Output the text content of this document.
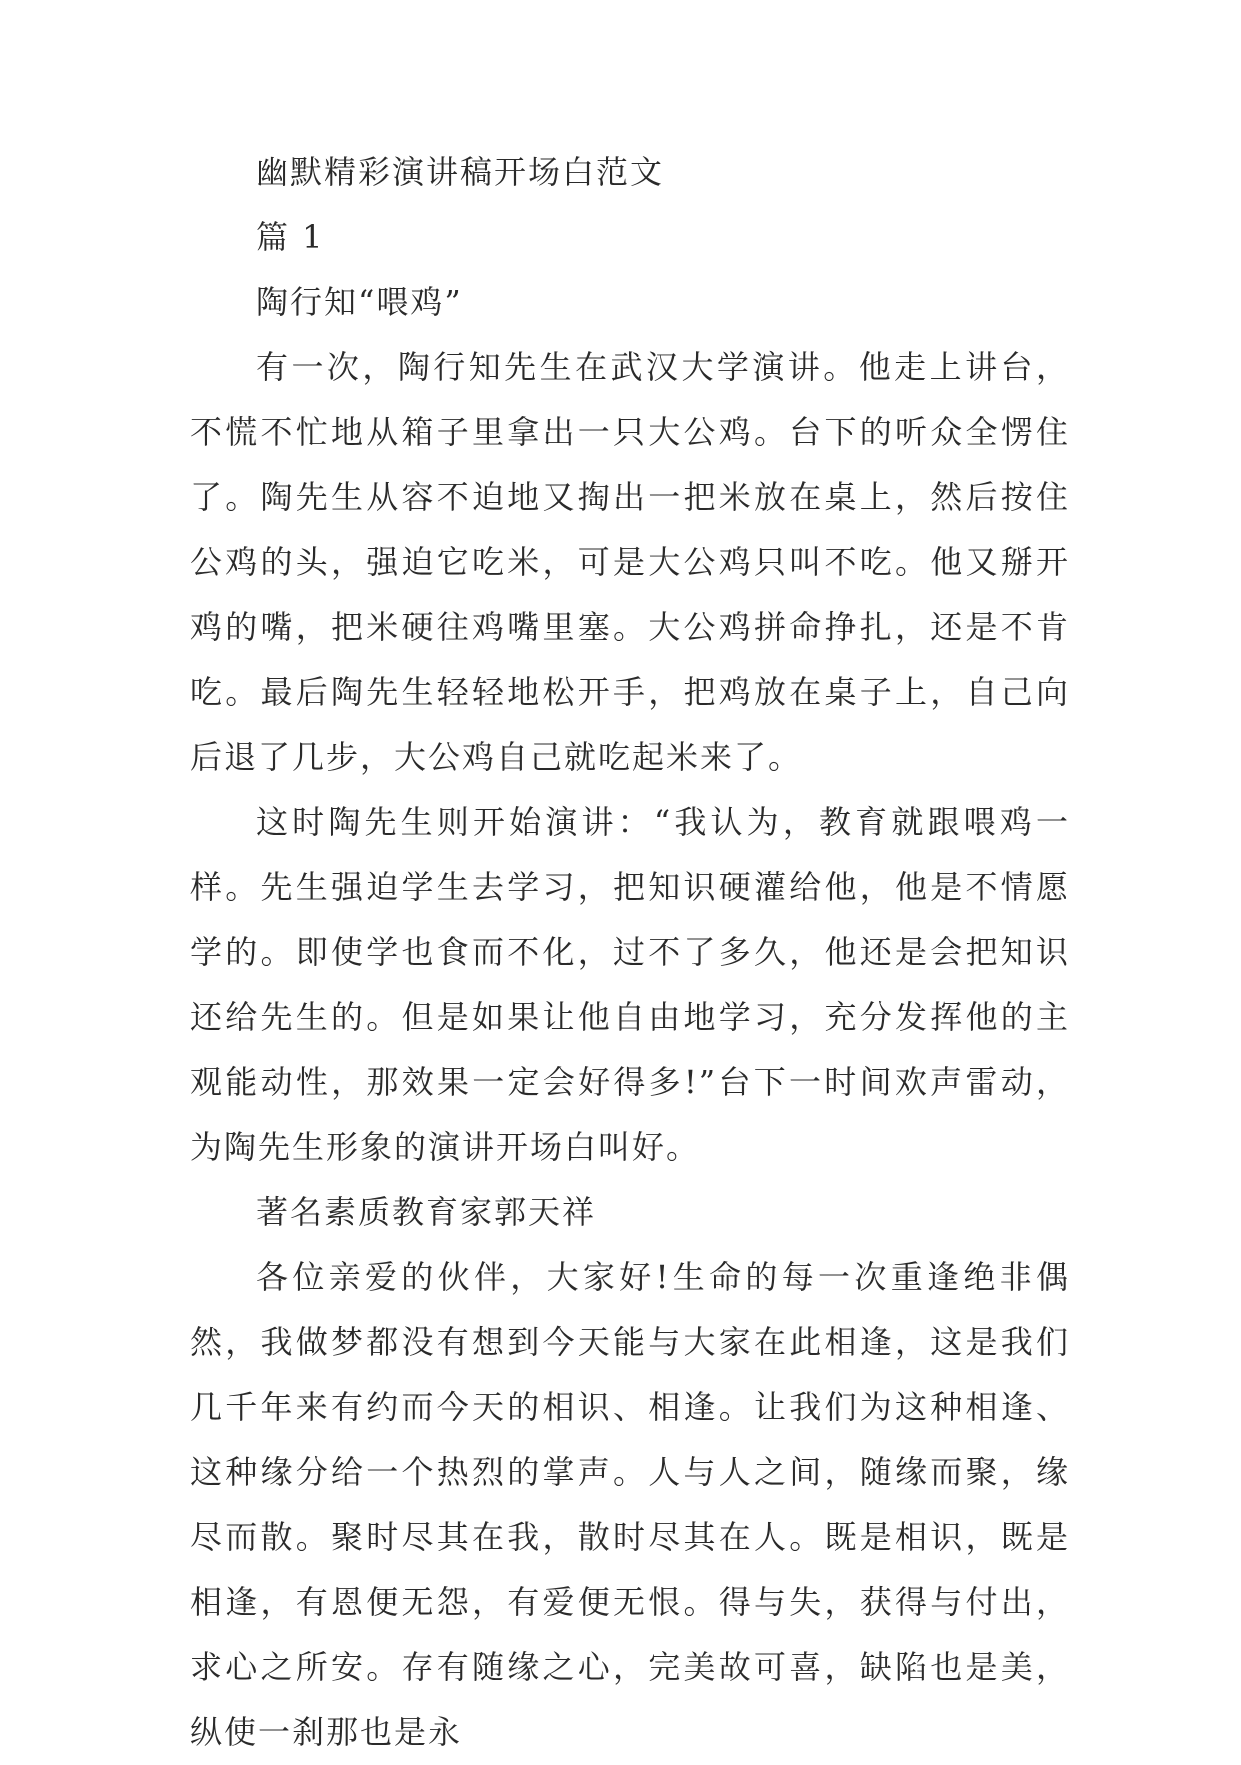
幽默精彩演讲稿开场白范文

篇 1

陶行知“喂鸡”

有一次，陶行知先生在武汉大学演讲。他走上讲台，不慌不忙地从箱子里拿出一只大公鸡。台下的听众全愣住了。陶先生从容不迫地又掏出一把米放在桌上，然后按住公鸡的头，强迫它吃米，可是大公鸡只叫不吃。他又掰开鸡的嘴，把米硬往鸡嘴里塞。大公鸡拼命挣扎，还是不肯吃。最后陶先生轻轻地松开手，把鸡放在桌子上，自己向后退了几步，大公鸡自己就吃起米来了。

这时陶先生则开始演讲：“我认为，教育就跟喂鸡一样。先生强迫学生去学习，把知识硬灌给他，他是不情愿学的。即使学也食而不化，过不了多久，他还是会把知识还给先生的。但是如果让他自由地学习，充分发挥他的主观能动性，那效果一定会好得多!”台下一时间欢声雷动，为陶先生形象的演讲开场白叫好。

著名素质教育家郭天祥

各位亲爱的伙伴，大家好!生命的每一次重逢绝非偶然，我做梦都没有想到今天能与大家在此相逢，这是我们几千年来有约而今天的相识、相逢。让我们为这种相逢、这种缘分给一个热烈的掌声。人与人之间，随缘而聚，缘尽而散。聚时尽其在我，散时尽其在人。既是相识，既是相逢，有恩便无怨，有爱便无恨。得与失，获得与付出，求心之所安。存有随缘之心，完美故可喜，缺陷也是美，纵使一刹那也是永
